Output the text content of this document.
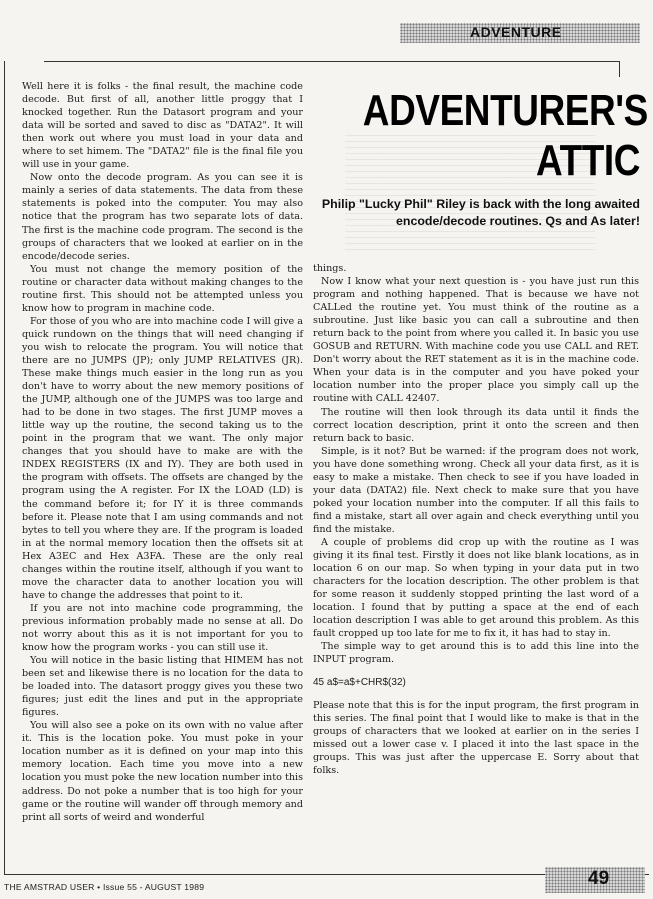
ADVENTURE
ADVENTURER'S
ATTIC
Philip "Lucky Phil" Riley is back with the long awaited encode/decode routines. Qs and As later!

Well here it is folks - the final result, the machine code decode. But first of all, another little proggy that I knocked together. Run the Datasort program and your data will be sorted and saved to disc as "DATA2". It will then work out where you must load in your data and where to set himem. The "DATA2" file is the final file you will use in your game.

Now onto the decode program. As you can see it is mainly a series of data statements. The data from these statements is poked into the computer. You may also notice that the program has two separate lots of data. The first is the machine code program. The second is the groups of characters that we looked at earlier on in the encode/decode series.

You must not change the memory position of the routine or character data without making changes to the routine first. This should not be attempted unless you know how to program in machine code.

For those of you who are into machine code I will give a quick rundown on the things that will need changing if you wish to relocate the program. You will notice that there are no JUMPS (JP); only JUMP RELATIVES (JR). These make things much easier in the long run as you don't have to worry about the new memory positions of the JUMP, although one of the JUMPS was too large and had to be done in two stages. The first JUMP moves a little way up the routine, the second taking us to the point in the program that we want. The only major changes that you should have to make are with the INDEX REGISTERS (IX and IY). They are both used in the program with offsets. The offsets are changed by the program using the A register. For IX the LOAD (LD) is the command before it; for IY it is three commands before it. Please note that I am using commands and not bytes to tell you where they are. If the program is loaded in at the normal memory location then the offsets sit at Hex A3EC and Hex A3FA. These are the only real changes within the routine itself, although if you want to move the character data to another location you will have to change the addresses that point to it.

If you are not into machine code programming, the previous information probably made no sense at all. Do not worry about this as it is not important for you to know how the program works - you can still use it.

You will notice in the basic listing that HIMEM has not been set and likewise there is no location for the data to be loaded into. The datasort proggy gives you these two figures; just edit the lines and put in the appropriate figures.

You will also see a poke on its own with no value after it. This is the location poke. You must poke in your location number as it is defined on your map into this memory location. Each time you move into a new location you must poke the new location number into this address. Do not poke a number that is too high for your game or the routine will wander off through memory and print all sorts of weird and wonderful

things.

Now I know what your next question is - you have just run this program and nothing happened. That is because we have not CALLed the routine yet. You must think of the routine as a subroutine. Just like basic you can call a subroutine and then return back to the point from where you called it. In basic you use GOSUB and RETURN. With machine code you use CALL and RET. Don't worry about the RET statement as it is in the machine code. When your data is in the computer and you have poked your location number into the proper place you simply call up the routine with CALL 42407.

The routine will then look through its data until it finds the correct location description, print it onto the screen and then return back to basic.

Simple, is it not? But be warned: if the program does not work, you have done something wrong. Check all your data first, as it is easy to make a mistake. Then check to see if you have loaded in your data (DATA2) file. Next check to make sure that you have poked your location number into the computer. If all this fails to find a mistake, start all over again and check everything until you find the mistake.

A couple of problems did crop up with the routine as I was giving it its final test. Firstly it does not like blank locations, as in location 6 on our map. So when typing in your data put in two characters for the location description. The other problem is that for some reason it suddenly stopped printing the last word of a location. I found that by putting a space at the end of each location description I was able to get around this problem. As this fault cropped up too late for me to fix it, it has had to stay in.

The simple way to get around this is to add this line into the INPUT program.

45 a$=a$+CHR$(32)

Please note that this is for the input program, the first program in this series. The final point that I would like to make is that in the groups of characters that we looked at earlier on in the series I missed out a lower case v. I placed it into the last space in the groups. This was just after the uppercase E. Sorry about that folks.

THE AMSTRAD USER • Issue 55 - AUGUST 1989	49
